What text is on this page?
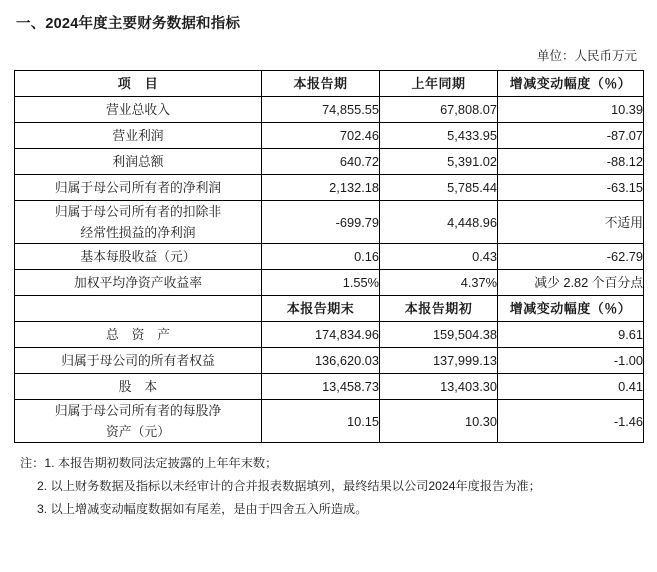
一、2024年度主要财务数据和指标
单位：人民币万元
项　目	本报告期	上年同期	增减变动幅度（％）
营业总收入	74,855.55	67,808.07	10.39
营业利润	702.46	5,433.95	-87.07
利润总额	640.72	5,391.02	-88.12
归属于母公司所有者的净利润	2,132.18	5,785.44	-63.15

归属于母公司所有者的扣除非
经常性损益的净利润	-699.79	4,448.96	不适用
基本每股收益（元）	0.16	0.43	-62.79
加权平均净资产收益率	1.55%	4.37%	减少 2.82 个百分点
	本报告期末	本报告期初	增减变动幅度（％）
总　资　产	174,834.96	159,504.38	9.61
归属于母公司的所有者权益	136,620.03	137,999.13	-1.00
股　本	13,458.73	13,403.30	0.41

归属于母公司所有者的每股净
资产（元）	10.15	10.30	-1.46
注：1. 本报告期初数同法定披露的上年年末数；
2. 以上财务数据及指标以未经审计的合并报表数据填列，最终结果以公司2024年度报告为准；
3. 以上增减变动幅度数据如有尾差，是由于四舍五入所造成。
